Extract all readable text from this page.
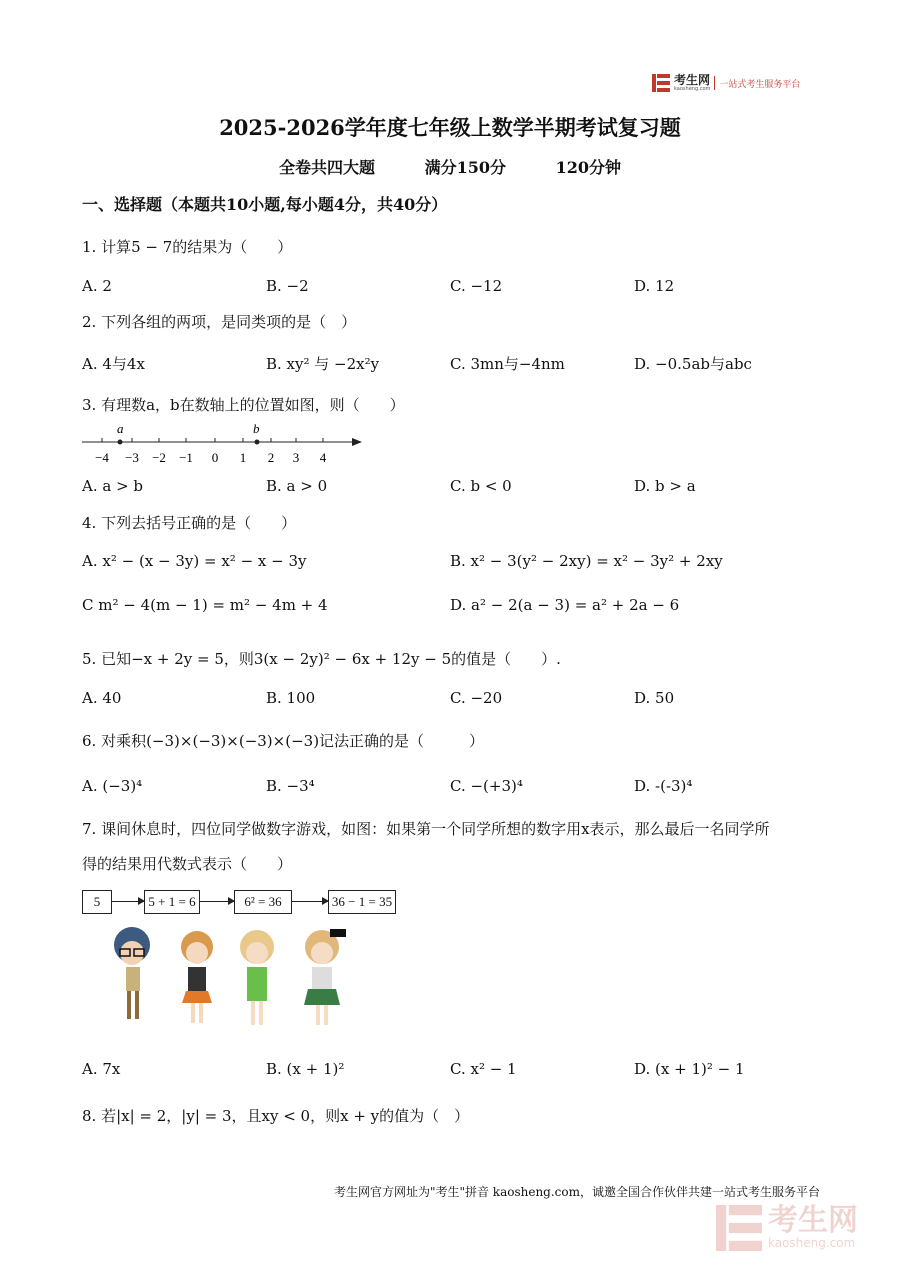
考生网
kaosheng.com 一站式考生服务平台
2025-2026学年度七年级上数学半期考试复习题
全卷共四大题	满分150分	120分钟
一、选择题（本题共10小题,每小题4分，共40分）
1. 计算5 − 7的结果为（　　）
A. 2	B. −2	C. −12	D. 12
2. 下列各组的两项，是同类项的是（　）
A. 4与4x	B. xy² 与 −2x²y	C. 3mn与−4nm	D. −0.5ab与abc
3. 有理数a，b在数轴上的位置如图，则（　　）
a	b
−4 −3 −2 −1 0 1 2 3 4
A. a > b	B. a > 0	C. b < 0	D. b > a
4. 下列去括号正确的是（　　）
A. x² − (x − 3y) = x² − x − 3y	B. x² − 3(y² − 2xy) = x² − 3y² + 2xy
C m² − 4(m − 1) = m² − 4m + 4	D. a² − 2(a − 3) = a² + 2a − 6
5. 已知−x + 2y = 5，则3(x − 2y)² − 6x + 12y − 5的值是（　　）.
A. 40	B. 100	C. −20	D. 50
6. 对乘积(−3)×(−3)×(−3)×(−3)记法正确的是（　　　）
A. (−3)⁴	B. −3⁴	C. −(+3)⁴	D. -(-3)⁴
7. 课间休息时，四位同学做数字游戏，如图：如果第一个同学所想的数字用x表示，那么最后一名同学所
得的结果用代数式表示（　　）
5	5 + 1 = 6	6² = 36	36 − 1 = 35
A. 7x	B. (x + 1)²	C. x² − 1	D. (x + 1)² − 1
8. 若|x| = 2，|y| = 3，且xy < 0，则x + y的值为（　）
考生网官方网址为"考生"拼音 kaosheng.com，诚邀全国合作伙伴共建一站式考生服务平台
考生网
kaosheng.com
